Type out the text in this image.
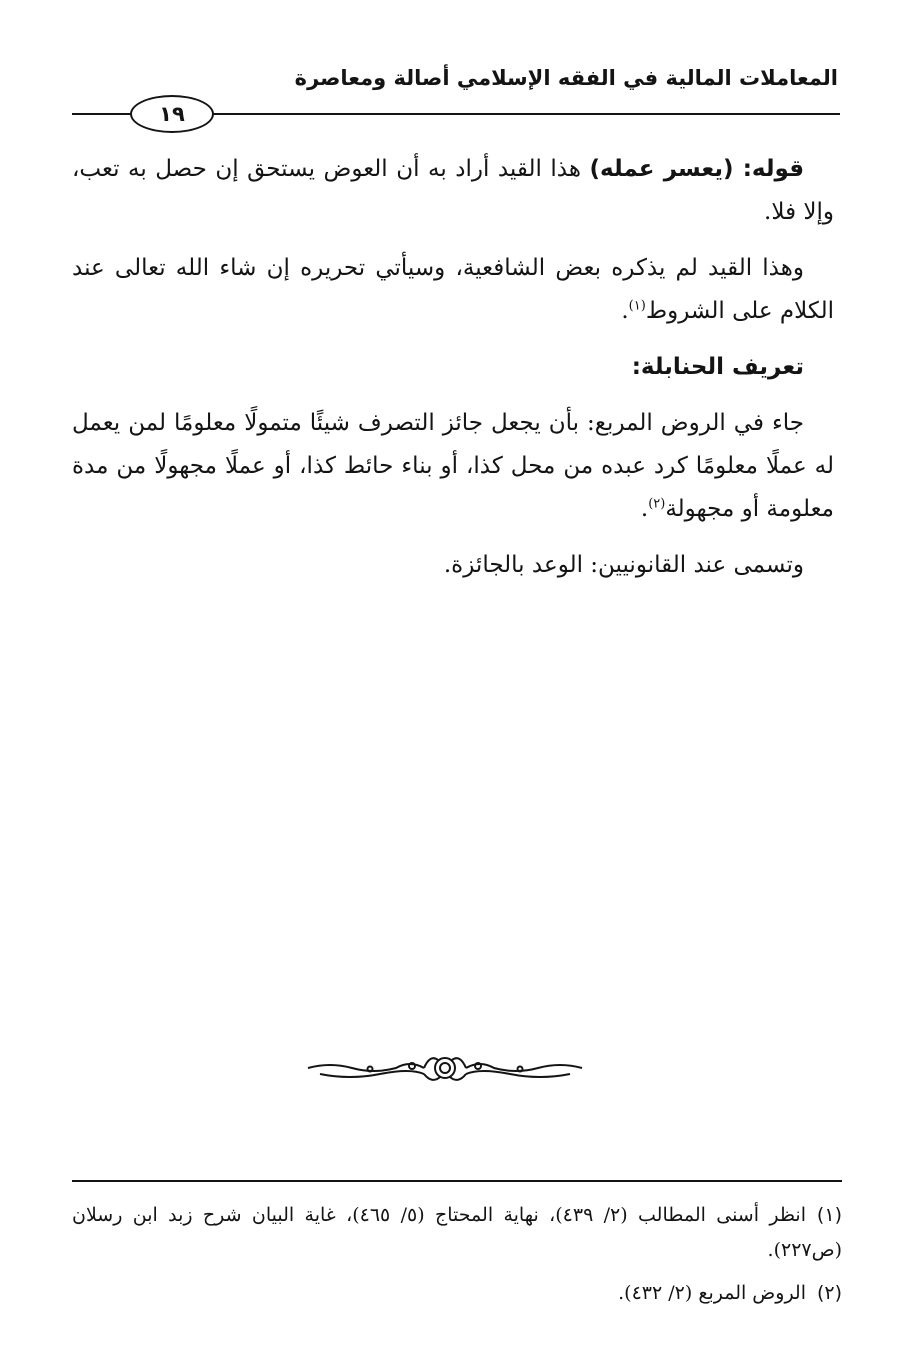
المعاملات المالية في الفقه الإسلامي أصالة ومعاصرة
١٩

قوله: (يعسر عمله) هذا القيد أراد به أن العوض يستحق إن حصل به تعب، وإلا فلا.

وهذا القيد لم يذكره بعض الشافعية، وسيأتي تحريره إن شاء الله تعالى عند الكلام على الشروط$^{(١)}$.

تعريف الحنابلة:

جاء في الروض المربع: بأن يجعل جائز التصرف شيئًا متمولًا معلومًا لمن يعمل له عملًا معلومًا كرد عبده من محل كذا، أو بناء حائط كذا، أو عملًا مجهولًا من مدة معلومة أو مجهولة$^{(٢)}$.

وتسمى عند القانونيين: الوعد بالجائزة.

(١)انظر أسنى المطالب (٢/ ٤٣٩)، نهاية المحتاج (٥/ ٤٦٥)، غاية البيان شرح زبد ابن رسلان (ص٢٢٧).

(٢)الروض المربع (٢/ ٤٣٢).
